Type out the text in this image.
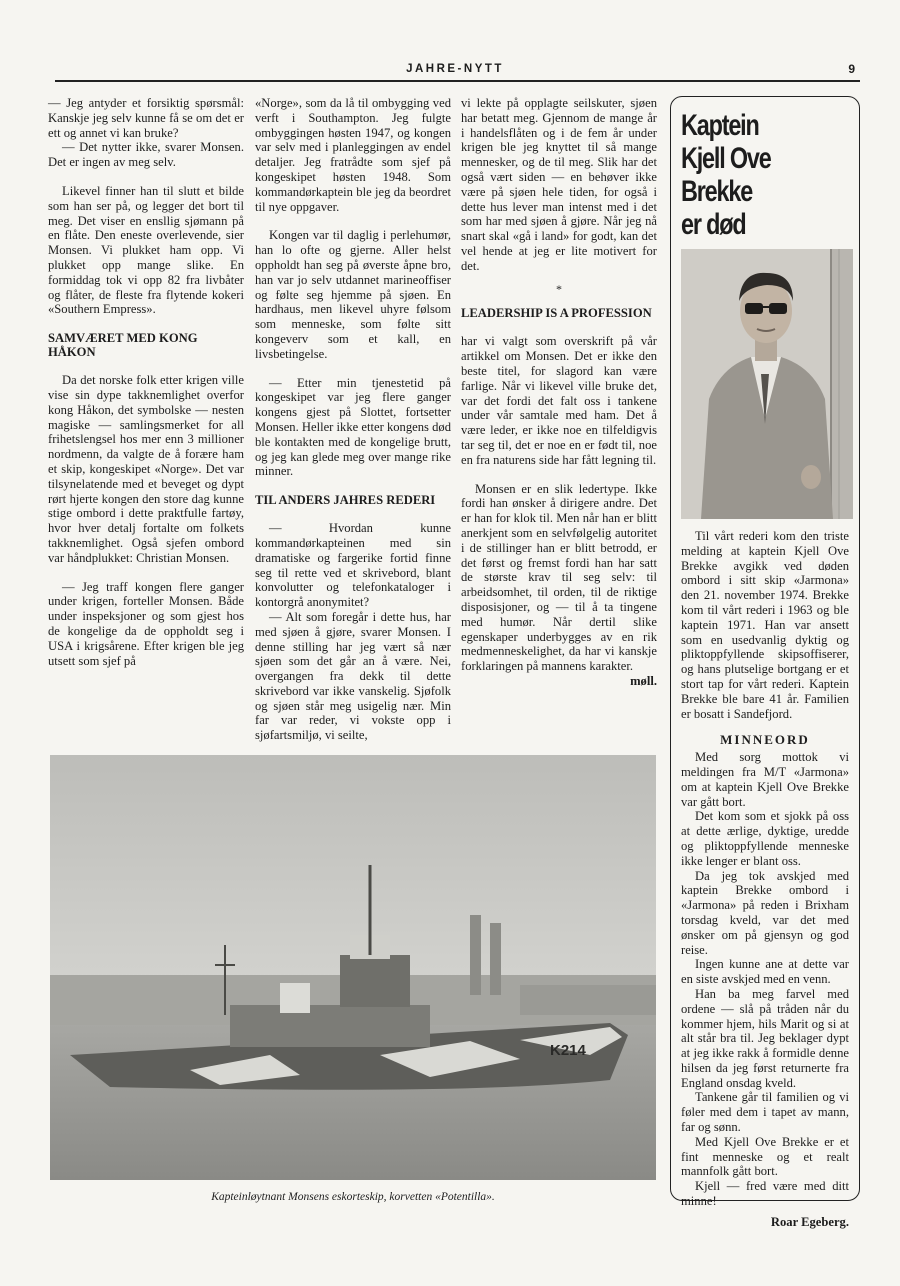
JAHRE-NYTT	9

— Jeg antyder et forsiktig spørsmål: Kanskje jeg selv kunne få se om det er ett og annet vi kan bruke?

— Det nytter ikke, svarer Monsen. Det er ingen av meg selv.

Likevel finner han til slutt et bilde som han ser på, og legger det bort til meg. Det viser en ensllig sjømann på en flåte. Den eneste overlevende, sier Monsen. Vi plukket ham opp. Vi plukket opp mange slike. En formiddag tok vi opp 82 fra livbåter og flåter, de fleste fra flytende kokeri «Southern Empress».

SAMVÆRET MED KONG HÅKON

Da det norske folk etter krigen ville vise sin dype takknemlighet overfor kong Håkon, det symbolske — nesten magiske — samlingsmerket for all frihetslengsel hos mer enn 3 millioner nordmenn, da valgte de å forære ham et skip, kongeskipet «Norge». Det var tilsynelatende med et beveget og dypt rørt hjerte kongen den store dag kunne stige ombord i dette praktfulle fartøy, hvor hver detalj fortalte om folkets takknemlighet. Også sjefen ombord var håndplukket: Christian Monsen.

— Jeg traff kongen flere ganger under krigen, forteller Monsen. Både under inspeksjoner og som gjest hos de kongelige da de oppholdt seg i USA i krigsårene. Efter krigen ble jeg utsett som sjef på

«Norge», som da lå til ombygging ved verft i Southampton. Jeg fulgte ombyggingen høsten 1947, og kongen var selv med i planleggingen av endel detaljer. Jeg fratrådte som sjef på kongeskipet høsten 1948. Som kommandørkaptein ble jeg da beordret til nye oppgaver.

Kongen var til daglig i perlehumør, han lo ofte og gjerne. Aller helst oppholdt han seg på øverste åpne bro, han var jo selv utdannet marineoffiser og følte seg hjemme på sjøen. En hardhaus, men likevel uhyre følsom som menneske, som følte sitt kongeverv som et kall, en livsbetingelse.

— Etter min tjenestetid på kongeskipet var jeg flere ganger kongens gjest på Slottet, fortsetter Monsen. Heller ikke etter kongens død ble kontakten med de kongelige brutt, og jeg kan glede meg over mange rike minner.

TIL ANDERS JAHRES REDERI

— Hvordan kunne kommandørkapteinen med sin dramatiske og fargerike fortid finne seg til rette ved et skrivebord, blant konvolutter og telefonkataloger i kontorgrå anonymitet?

— Alt som foregår i dette hus, har med sjøen å gjøre, svarer Monsen. I denne stilling har jeg vært så nær sjøen som det går an å være. Nei, overgangen fra dekk til dette skrivebord var ikke vanskelig. Sjøfolk og sjøen står meg usigelig nær. Min far var reder, vi vokste opp i sjøfartsmiljø, vi seilte,

vi lekte på opplagte seilskuter, sjøen har betatt meg. Gjennom de mange år i handelsflåten og i de fem år under krigen ble jeg knyttet til så mange mennesker, og de til meg. Slik har det også vært siden — en behøver ikke være på sjøen hele tiden, for også i dette hus lever man intenst med i det som har med sjøen å gjøre. Når jeg nå snart skal «gå i land» for godt, kan det vel hende at jeg er lite motivert for det.

*
LEADERSHIP IS A PROFESSION

har vi valgt som overskrift på vår artikkel om Monsen. Det er ikke den beste titel, for slagord kan være farlige. Når vi likevel ville bruke det, var det fordi det falt oss i tankene under vår samtale med ham. Det å være leder, er ikke noe en tilfeldigvis tar seg til, det er noe en er født til, noe en fra naturens side har fått legning til.

Monsen er en slik ledertype. Ikke fordi han ønsker å dirigere andre. Det er han for klok til. Men når han er blitt anerkjent som en selvfølgelig autoritet i de stillinger han er blitt betrodd, er det først og fremst fordi han har satt de største krav til seg selv: til arbeidsomhet, til orden, til de riktige disposisjoner, og — til å ta tingene med humør. Når dertil slike egenskaper underbygges av en rik medmenneskelighet, da har vi kanskje forklaringen på mannens karakter.

møll.
Kaptein
Kjell Ove Brekke
er død

Til vårt rederi kom den triste melding at kaptein Kjell Ove Brekke avgikk ved døden ombord i sitt skip «Jarmona» den 21. november 1974. Brekke kom til vårt rederi i 1963 og ble kaptein 1971. Han var ansett som en usedvanlig dyktig og pliktoppfyllende skipsoffiserer, og hans plutselige bortgang er et stort tap for vårt rederi. Kaptein Brekke ble bare 41 år. Familien er bosatt i Sandefjord.

MINNEORD

Med sorg mottok vi meldingen fra M/T «Jarmona» om at kaptein Kjell Ove Brekke var gått bort.

Det kom som et sjokk på oss at dette ærlige, dyktige, uredde og pliktoppfyllende menneske ikke lenger er blant oss.

Da jeg tok avskjed med kaptein Brekke ombord i «Jarmona» på reden i Brixham torsdag kveld, var det med ønsker om på gjensyn og god reise.

Ingen kunne ane at dette var en siste avskjed med en venn.

Han ba meg farvel med ordene — slå på tråden når du kommer hjem, hils Marit og si at alt står bra til. Jeg beklager dypt at jeg ikke rakk å formidle denne hilsen da jeg først returnerte fra England onsdag kveld.

Tankene går til familien og vi føler med dem i tapet av mann, far og sønn.

Med Kjell Ove Brekke er et fint menneske og et realt mannfolk gått bort.

Kjell — fred være med ditt minne!

Roar Egeberg.
K214
Kapteinløytnant Monsens eskorteskip, korvetten «Potentilla».
